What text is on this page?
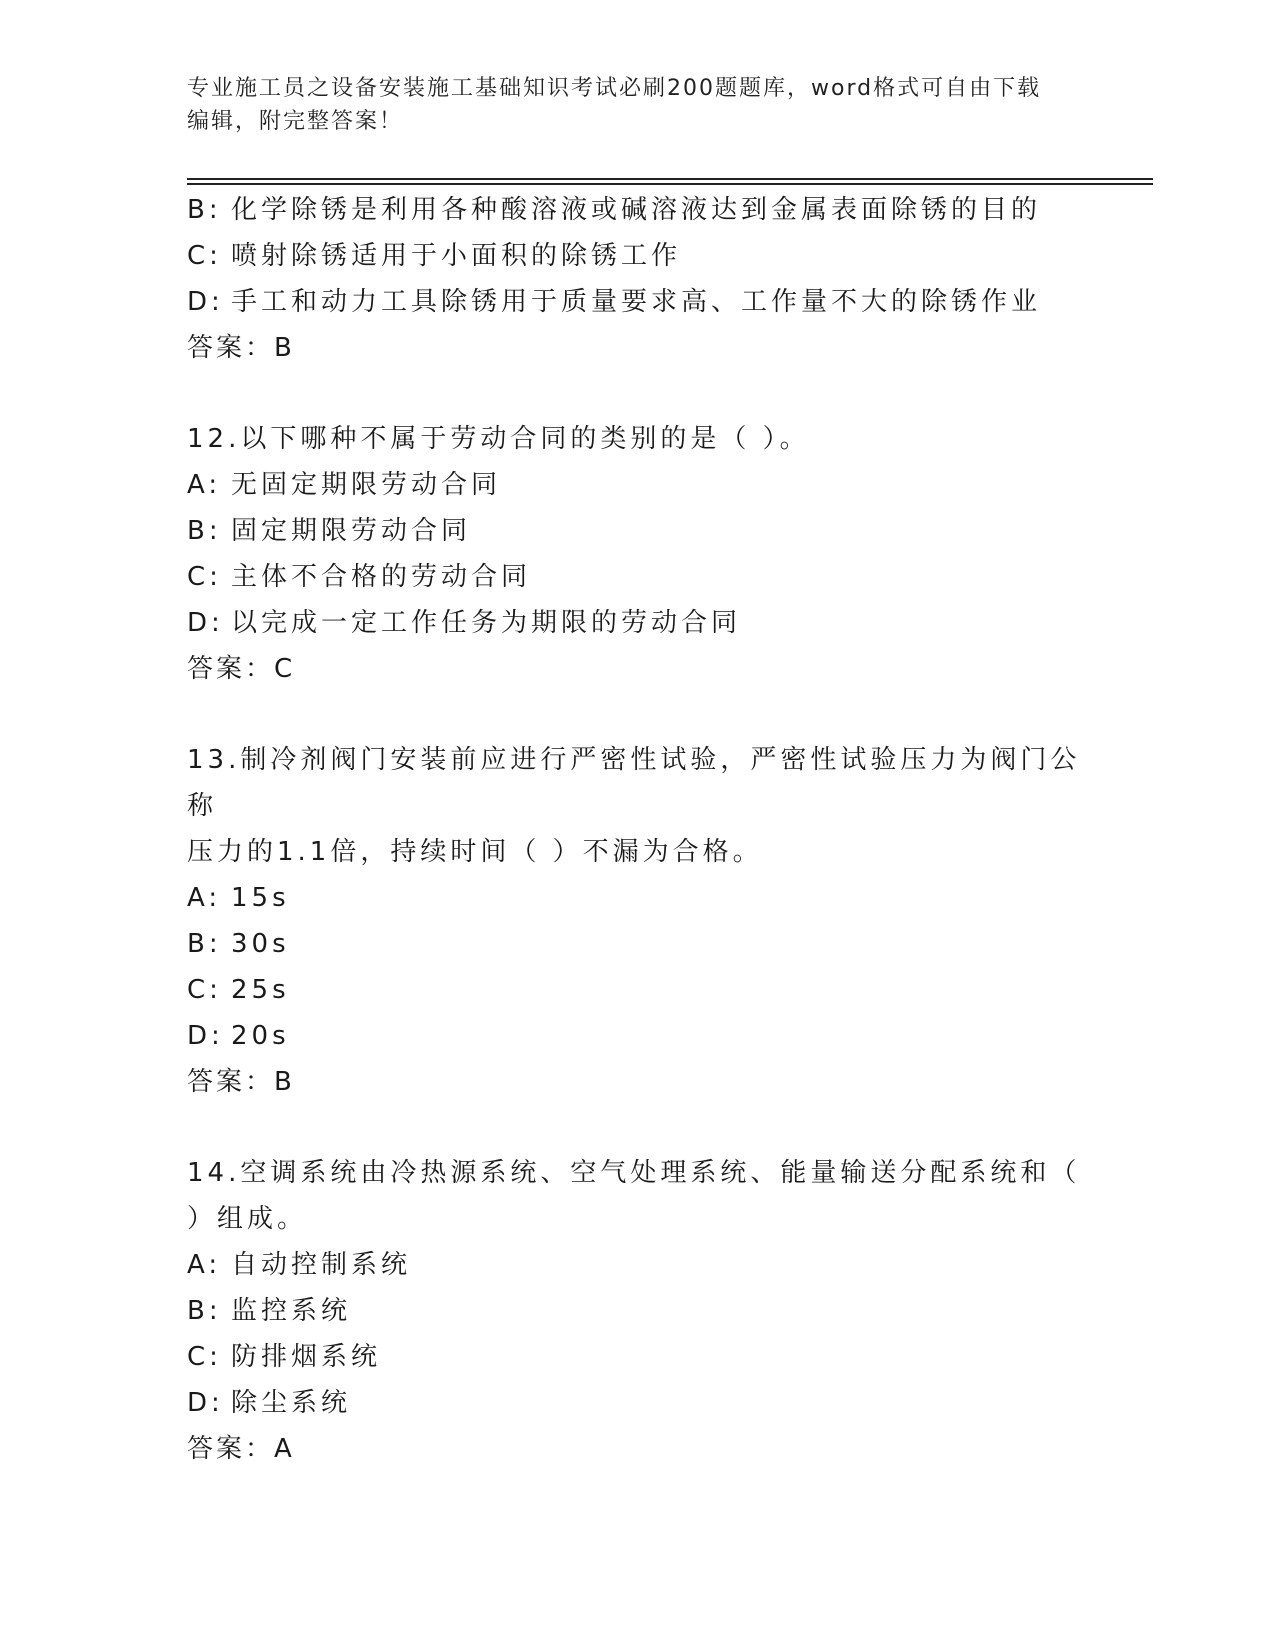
专业施工员之设备安装施工基础知识考试必刷200题题库，word格式可自由下载
编辑，附完整答案！
B: 化学除锈是利用各种酸溶液或碱溶液达到金属表面除锈的目的
C: 喷射除锈适用于小面积的除锈工作
D: 手工和动力工具除锈用于质量要求高、工作量不大的除锈作业
答案：B
12.以下哪种不属于劳动合同的类别的是（ ）。
A: 无固定期限劳动合同
B: 固定期限劳动合同
C: 主体不合格的劳动合同
D: 以完成一定工作任务为期限的劳动合同
答案：C
13.制冷剂阀门安装前应进行严密性试验，严密性试验压力为阀门公称
压力的1.1倍，持续时间（ ）不漏为合格。
A: 15s
B: 30s
C: 25s
D: 20s
答案：B
14.空调系统由冷热源系统、空气处理系统、能量输送分配系统和（
）组成。
A: 自动控制系统
B: 监控系统
C: 防排烟系统
D: 除尘系统
答案：A
